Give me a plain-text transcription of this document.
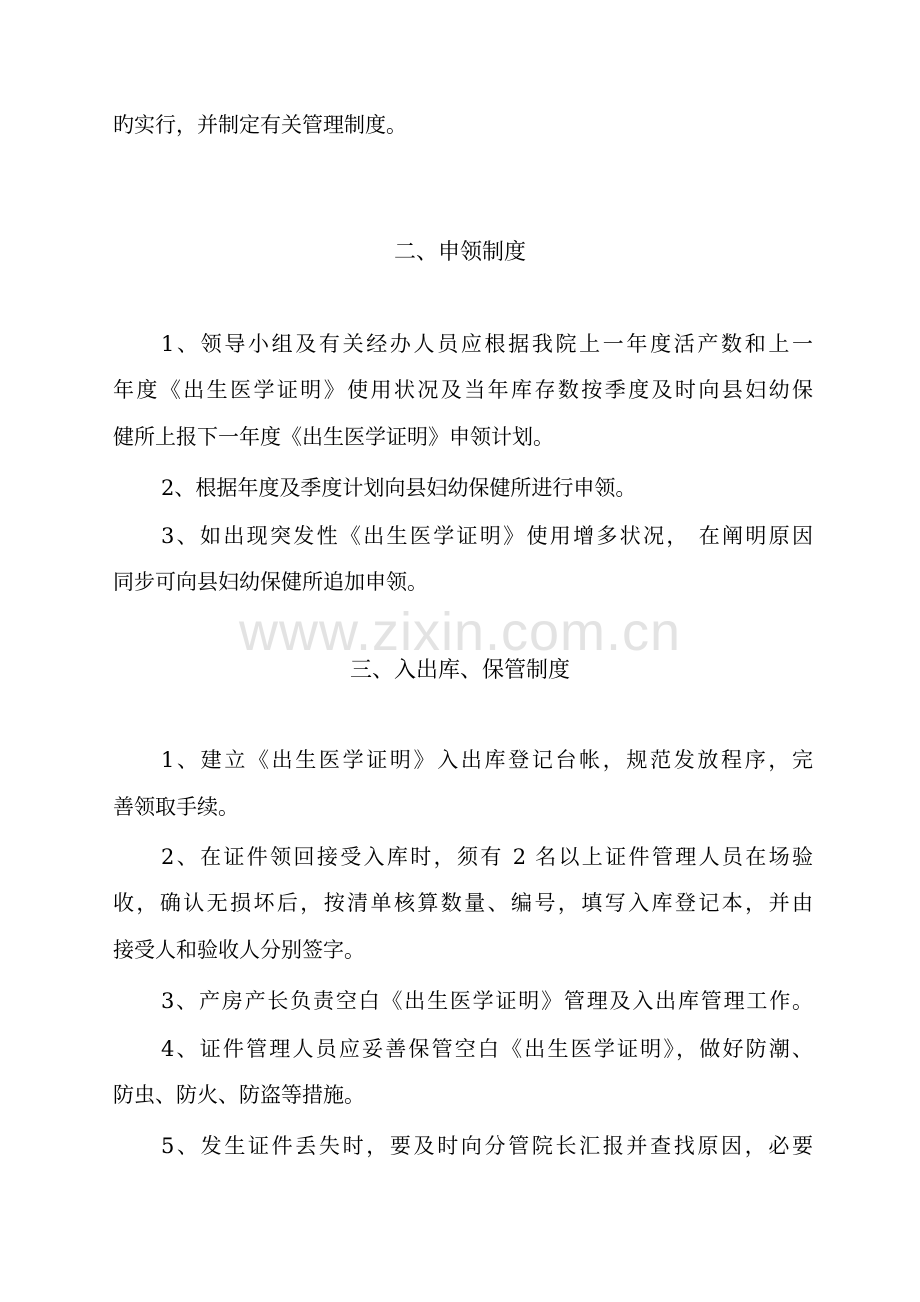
旳实行，并制定有关管理制度。
二、申领制度
1、领导小组及有关经办人员应根据我院上一年度活产数和上一
年度《出生医学证明》使用状况及当年库存数按季度及时向县妇幼保
健所上报下一年度《出生医学证明》申领计划。
2、根据年度及季度计划向县妇幼保健所进行申领。
3、如出现突发性《出生医学证明》使用增多状况， 在阐明原因
同步可向县妇幼保健所追加申领。
www.zixin.com.cn
三、入出库、保管制度
1、建立《出生医学证明》入出库登记台帐，规范发放程序，完
善领取手续。
2、在证件领回接受入库时，须有 2 名以上证件管理人员在场验
收，确认无损坏后，按清单核算数量、编号，填写入库登记本，并由
接受人和验收人分别签字。
3、产房产长负责空白《出生医学证明》管理及入出库管理工作。
4、证件管理人员应妥善保管空白《出生医学证明》，做好防潮、
防虫、防火、防盗等措施。
5、发生证件丢失时，要及时向分管院长汇报并查找原因，必要
